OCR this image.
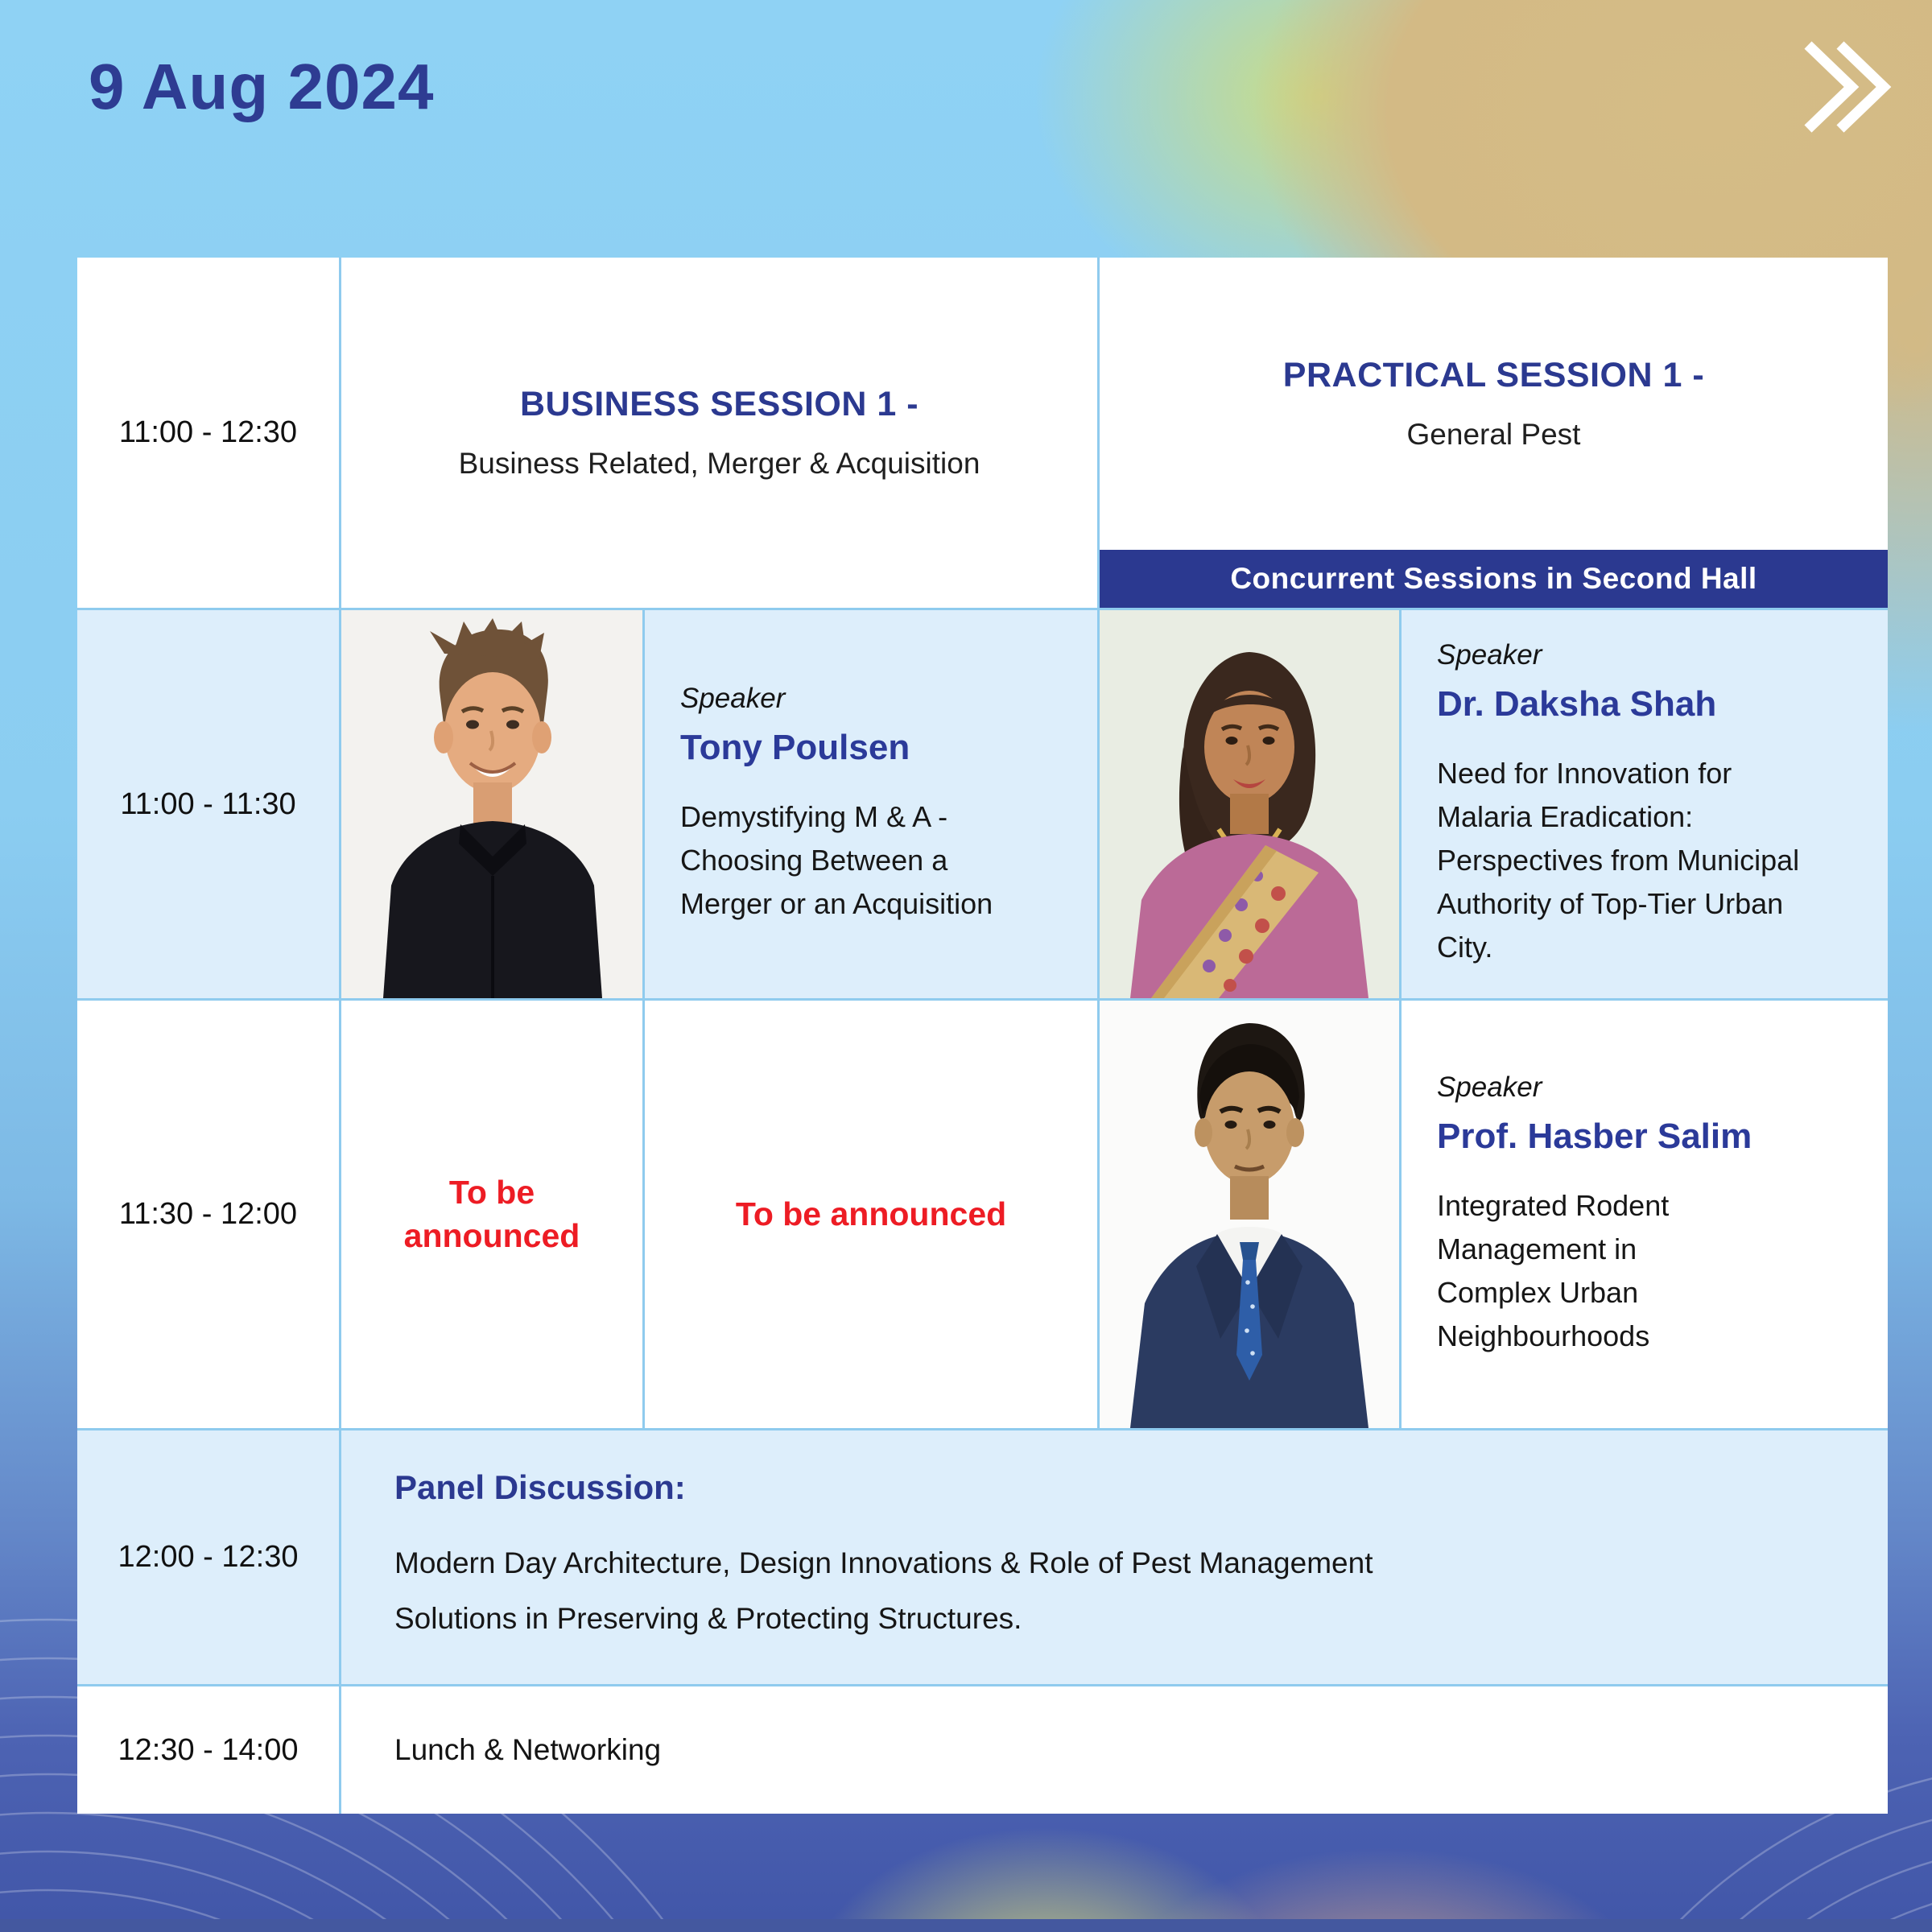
9 Aug 2024
11:00 - 12:30
BUSINESS SESSION 1 -
Business Related, Merger & Acquisition
PRACTICAL SESSION 1 -
General Pest
Concurrent Sessions in Second Hall
11:00 - 11:30
Speaker
Tony Poulsen
Demystifying M & A - Choosing Between a Merger or an Acquisition
Speaker
Dr. Daksha Shah
Need for Innovation for Malaria Eradication: Perspectives from Municipal Authority of Top-Tier Urban City.
11:30 - 12:00
To be announced
To be announced
Speaker
Prof. Hasber Salim
Integrated Rodent Management in Complex Urban Neighbourhoods
12:00 - 12:30
Panel Discussion:
Modern Day Architecture, Design Innovations & Role of Pest Management Solutions in Preserving & Protecting Structures.
12:30 - 14:00	Lunch & Networking
